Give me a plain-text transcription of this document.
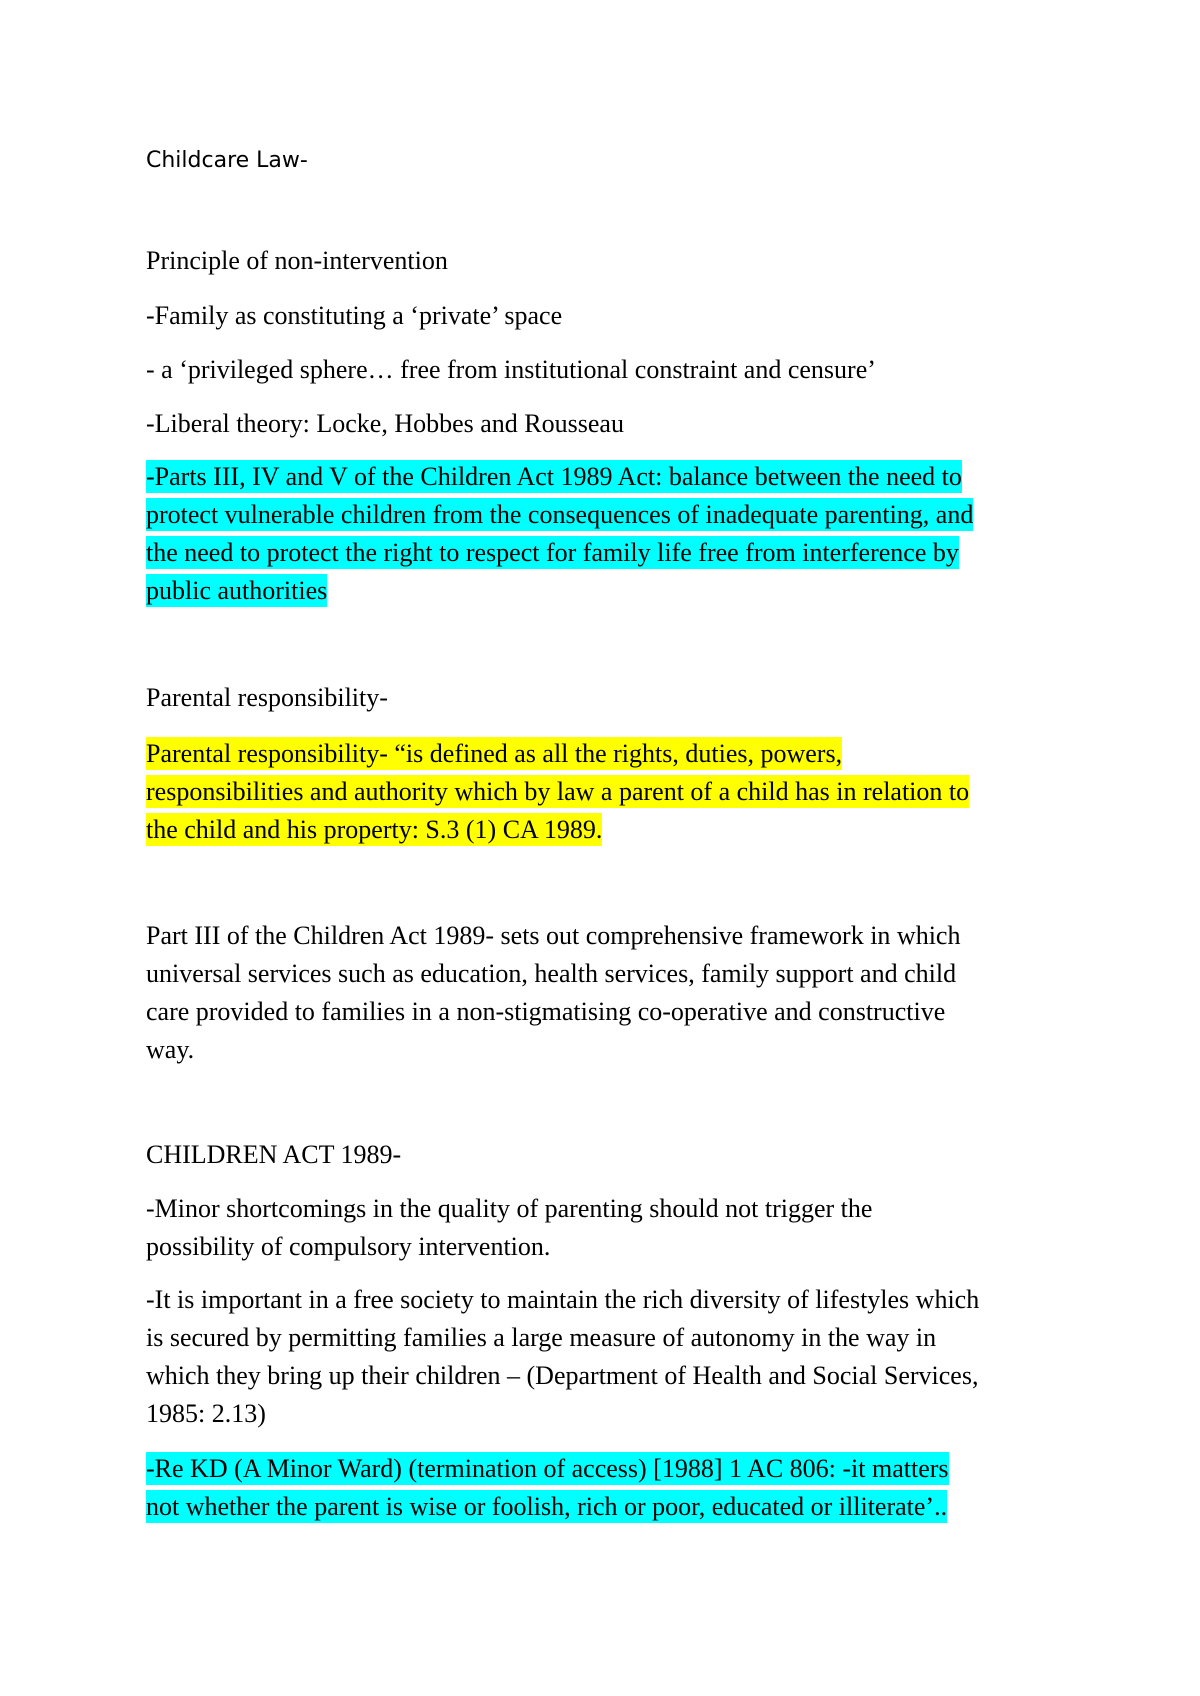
Childcare Law-

Principle of non-intervention

-Family as constituting a ‘private’ space

- a ‘privileged sphere… free from institutional constraint and censure’

-Liberal theory: Locke, Hobbes and Rousseau

-Parts III, IV and V of the Children Act 1989 Act: balance between the need to

protect vulnerable children from the consequences of inadequate parenting, and

the need to protect the right to respect for family life free from interference by

public authorities

Parental responsibility-

Parental responsibility- “is defined as all the rights, duties, powers,

responsibilities and authority which by law a parent of a child has in relation to

the child and his property: S.3 (1) CA 1989.

Part III of the Children Act 1989- sets out comprehensive framework in which

universal services such as education, health services, family support and child

care provided to families in a non-stigmatising co-operative and constructive

way.

CHILDREN ACT 1989-

-Minor shortcomings in the quality of parenting should not trigger the

possibility of compulsory intervention.

-It is important in a free society to maintain the rich diversity of lifestyles which

is secured by permitting families a large measure of autonomy in the way in

which they bring up their children – (Department of Health and Social Services,

1985: 2.13)

-Re KD (A Minor Ward) (termination of access) [1988] 1 AC 806: -it matters

not whether the parent is wise or foolish, rich or poor, educated or illiterate’..
